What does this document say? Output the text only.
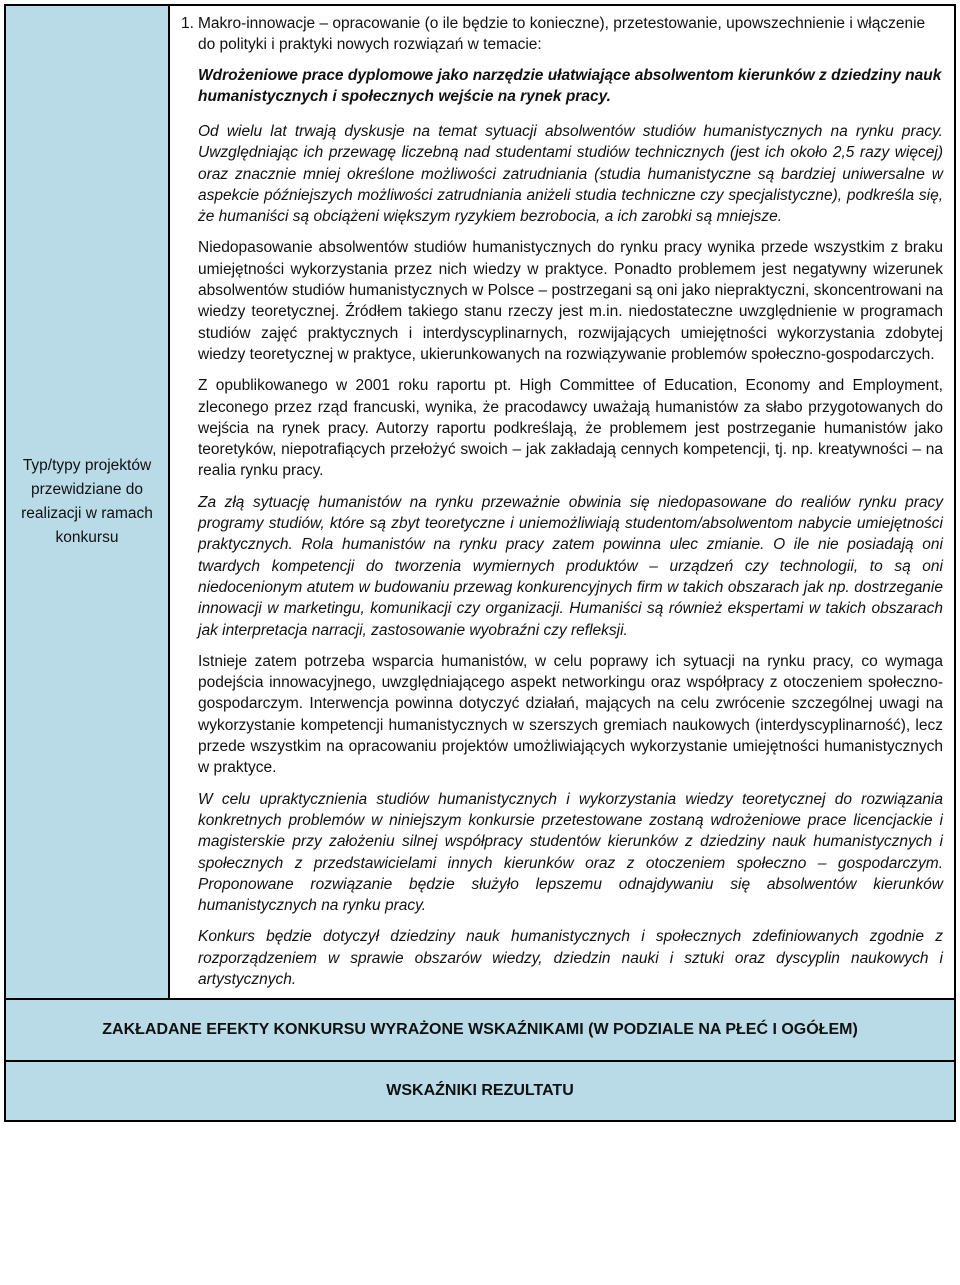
Typ/typy projektów przewidziane do realizacji w ramach konkursu

1. Makro-innowacje – opracowanie (o ile będzie to konieczne), przetestowanie, upowszechnienie i włączenie do polityki i praktyki nowych rozwiązań w temacie:
Wdrożeniowe prace dyplomowe jako narzędzie ułatwiające absolwentom kierunków z dziedziny nauk humanistycznych i społecznych wejście na rynek pracy.

Od wielu lat trwają dyskusje na temat sytuacji absolwentów studiów humanistycznych na rynku pracy. Uwzględniając ich przewagę liczebną nad studentami studiów technicznych (jest ich około 2,5 razy więcej) oraz znacznie mniej określone możliwości zatrudniania (studia humanistyczne są bardziej uniwersalne w aspekcie późniejszych możliwości zatrudniania aniżeli studia techniczne czy specjalistyczne), podkreśla się, że humaniści są obciążeni większym ryzykiem bezrobocia, a ich zarobki są mniejsze.

Niedopasowanie absolwentów studiów humanistycznych do rynku pracy wynika przede wszystkim z braku umiejętności wykorzystania przez nich wiedzy w praktyce. Ponadto problemem jest negatywny wizerunek absolwentów studiów humanistycznych w Polsce – postrzegani są oni jako niepraktyczni, skoncentrowani na wiedzy teoretycznej. Źródłem takiego stanu rzeczy jest m.in. niedostateczne uwzględnienie w programach studiów zajęć praktycznych i interdyscyplinarnych, rozwijających umiejętności wykorzystania zdobytej wiedzy teoretycznej w praktyce, ukierunkowanych na rozwiązywanie problemów społeczno-gospodarczych.

Z opublikowanego w 2001 roku raportu pt. High Committee of Education, Economy and Employment, zleconego przez rząd francuski, wynika, że pracodawcy uważają humanistów za słabo przygotowanych do wejścia na rynek pracy. Autorzy raportu podkreślają, że problemem jest postrzeganie humanistów jako teoretyków, niepotrafiących przełożyć swoich – jak zakładają cennych kompetencji, tj. np. kreatywności – na realia rynku pracy.

Za złą sytuację humanistów na rynku przeważnie obwinia się niedopasowane do realiów rynku pracy programy studiów, które są zbyt teoretyczne i uniemożliwiają studentom/absolwentom nabycie umiejętności praktycznych. Rola humanistów na rynku pracy zatem powinna ulec zmianie. O ile nie posiadają oni twardych kompetencji do tworzenia wymiernych produktów – urządzeń czy technologii, to są oni niedocenionym atutem w budowaniu przewag konkurencyjnych firm w takich obszarach jak np. dostrzeganie innowacji w marketingu, komunikacji czy organizacji. Humaniści są również ekspertami w takich obszarach jak interpretacja narracji, zastosowanie wyobraźni czy refleksji.

Istnieje zatem potrzeba wsparcia humanistów, w celu poprawy ich sytuacji na rynku pracy, co wymaga podejścia innowacyjnego, uwzględniającego aspekt networkingu oraz współpracy z otoczeniem społeczno-gospodarczym. Interwencja powinna dotyczyć działań, mających na celu zwrócenie szczególnej uwagi na wykorzystanie kompetencji humanistycznych w szerszych gremiach naukowych (interdyscyplinarność), lecz przede wszystkim na opracowaniu projektów umożliwiających wykorzystanie umiejętności humanistycznych w praktyce.

W celu upraktycznienia studiów humanistycznych i wykorzystania wiedzy teoretycznej do rozwiązania konkretnych problemów w niniejszym konkursie przetestowane zostaną wdrożeniowe prace licencjackie i magisterskie przy założeniu silnej współpracy studentów kierunków z dziedziny nauk humanistycznych i społecznych z przedstawicielami innych kierunków oraz z otoczeniem społeczno – gospodarczym. Proponowane rozwiązanie będzie służyło lepszemu odnajdywaniu się absolwentów kierunków humanistycznych na rynku pracy.

Konkurs będzie dotyczył dziedziny nauk humanistycznych i społecznych zdefiniowanych zgodnie z rozporządzeniem w sprawie obszarów wiedzy, dziedzin nauki i sztuki oraz dyscyplin naukowych i artystycznych.

ZAKŁADANE EFEKTY KONKURSU WYRAŻONE WSKAŹNIKAMI (W PODZIALE NA PŁEĆ I OGÓŁEM)
WSKAŹNIKI REZULTATU
